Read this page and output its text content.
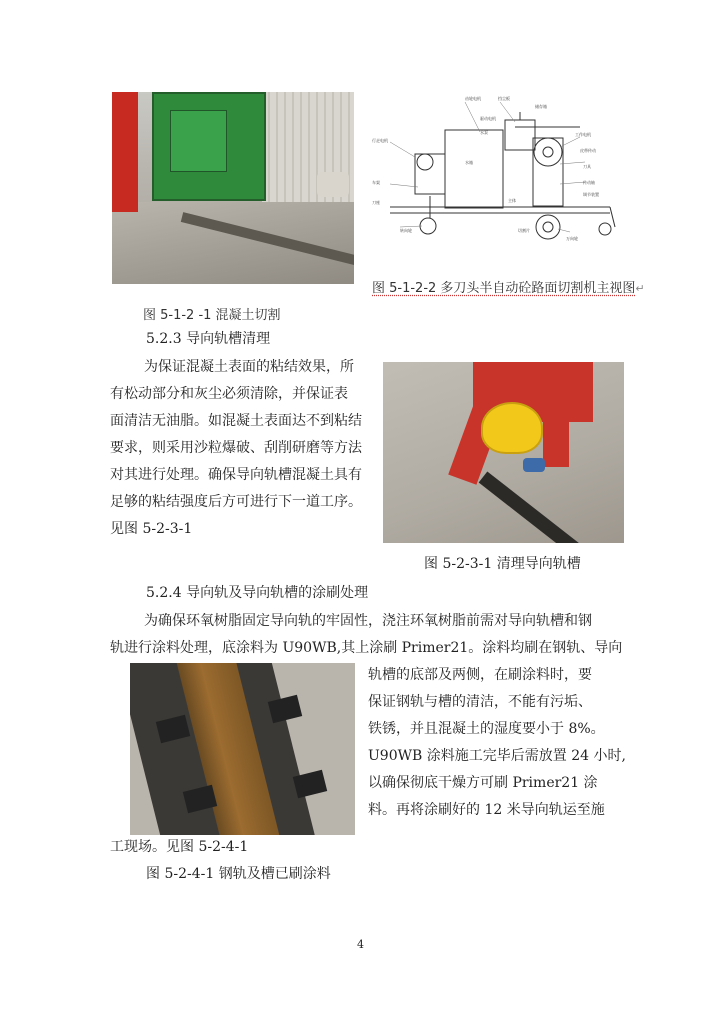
齿轮电机	挡尘板
储存箱
驱动电机
工作电机
水箱
皮带传动
刀具
传动轴
调节装置
行走电机
车架
水泵
刀座
切割片
主体
转向轮
万向轮
图 5-1-2-2 多刀头半自动砼路面切割机主视图↵
图 5-1-2 -1 混凝土切割
5.2.3 导向轨槽清理
为保证混凝土表面的粘结效果，所
有松动部分和灰尘必须清除，并保证表
面清洁无油脂。如混凝土表面达不到粘结
要求，则采用沙粒爆破、刮削研磨等方法
对其进行处理。确保导向轨槽混凝土具有
足够的粘结强度后方可进行下一道工序。
见图 5-2-3-1
图 5-2-3-1 清理导向轨槽
5.2.4 导向轨及导向轨槽的涂刷处理
为确保环氧树脂固定导向轨的牢固性，浇注环氧树脂前需对导向轨槽和钢
轨进行涂料处理，底涂料为 U90WB,其上涂刷 Primer21。涂料均刷在钢轨、导向
轨槽的底部及两侧，在刷涂料时，要
保证钢轨与槽的清洁，不能有污垢、
铁锈，并且混凝土的湿度要小于 8%。
U90WB 涂料施工完毕后需放置 24 小时,
以确保彻底干燥方可刷 Primer21 涂
料。再将涂刷好的 12 米导向轨运至施
工现场。见图 5-2-4-1
图 5-2-4-1 钢轨及槽已刷涂料
4
